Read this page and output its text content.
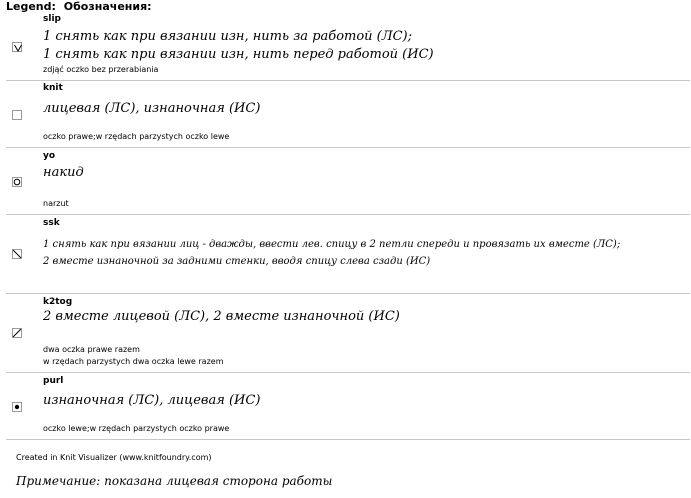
Legend: Обозначения:
slip
1 снять как при вязании изн, нить за работой (ЛС);
1 снять как при вязании изн, нить перед работой (ИС)
zdjąć oczko bez przerabiania
knit
лицевая (ЛС), изнаночная (ИС)
oczko prawe;w rzędach parzystych oczko lewe
yo
накид
narzut
ssk
1 снять как при вязании лиц - дважды, ввести лев. спицу в 2 петли спереди и провязать их вместе (ЛС);
2 вместе изнаночной за задними стенки, вводя спицу слева сзади (ИС)
k2tog
2 вместе лицевой (ЛС), 2 вместе изнаночной (ИС)
dwa oczka prawe razem
w rzędach parzystych dwa oczka lewe razem
purl
изнаночная (ЛС), лицевая (ИС)
oczko lewe;w rzędach parzystych oczko prawe
Created in Knit Visualizer (www.knitfoundry.com)
Примечание: показана лицевая сторона работы
